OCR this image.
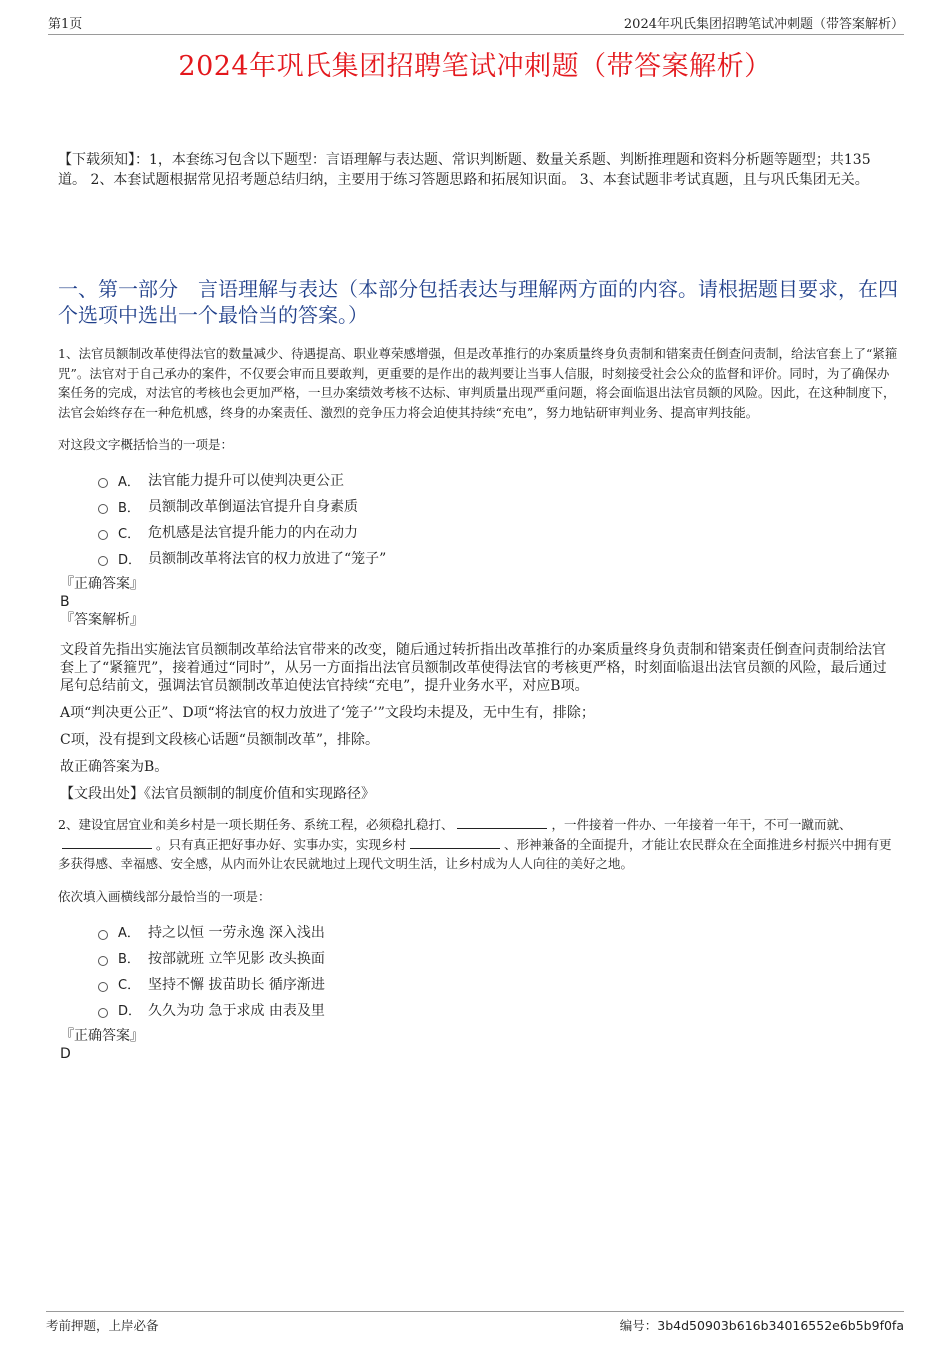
第1页	2024年巩氏集团招聘笔试冲刺题（带答案解析）
2024年巩氏集团招聘笔试冲刺题（带答案解析）

【下载须知】：1，本套练习包含以下题型：言语理解与表达题、常识判断题、数量关系题、判断推理题和资料分析题等题型；共135道。 2、本套试题根据常见招考题总结归纳，主要用于练习答题思路和拓展知识面。 3、本套试题非考试真题，且与巩氏集团无关。

一、第一部分　言语理解与表达（本部分包括表达与理解两方面的内容。请根据题目要求，在四个选项中选出一个最恰当的答案。）

1、法官员额制改革使得法官的数量减少、待遇提高、职业尊荣感增强，但是改革推行的办案质量终身负责制和错案责任倒查问责制，给法官套上了“紧箍咒”。法官对于自己承办的案件，不仅要会审而且要敢判，更重要的是作出的裁判要让当事人信服，时刻接受社会公众的监督和评价。同时，为了确保办案任务的完成，对法官的考核也会更加严格，一旦办案绩效考核不达标、审判质量出现严重问题，将会面临退出法官员额的风险。因此，在这种制度下，法官会始终存在一种危机感，终身的办案责任、激烈的竞争压力将会迫使其持续“充电”，努力地钻研审判业务、提高审判技能。

对这段文字概括恰当的一项是：

A． 法官能力提升可以使判决更公正
B． 员额制改革倒逼法官提升自身素质
C． 危机感是法官提升能力的内在动力
D． 员额制改革将法官的权力放进了“笼子”

『正确答案』

B

『答案解析』

文段首先指出实施法官员额制改革给法官带来的改变，随后通过转折指出改革推行的办案质量终身负责制和错案责任倒查问责制给法官套上了“紧箍咒”，接着通过“同时”，从另一方面指出法官员额制改革使得法官的考核更严格，时刻面临退出法官员额的风险，最后通过尾句总结前文，强调法官员额制改革迫使法官持续“充电”，提升业务水平，对应B项。

A项“判决更公正”、D项“将法官的权力放进了‘笼子’”文段均未提及，无中生有，排除；

C项，没有提到文段核心话题“员额制改革”，排除。

故正确答案为B。

【文段出处】《法官员额制的制度价值和实现路径》

2、建设宜居宜业和美乡村是一项长期任务、系统工程，必须稳扎稳打、	，一件接着一件办、一年接着一年干，不可一蹴而就、。只有真正把好事办好、实事办实，实现乡村	、形神兼备的全面提升，才能让农民群众在全面推进乡村振兴中拥有更多获得感、幸福感、安全感，从内而外让农民就地过上现代文明生活，让乡村成为人人向往的美好之地。

依次填入画横线部分最恰当的一项是：

A． 持之以恒 一劳永逸 深入浅出
B． 按部就班 立竿见影 改头换面
C． 坚持不懈 拔苗助长 循序渐进
D． 久久为功 急于求成 由表及里

『正确答案』

D

考前押题，上岸必备	编号：3b4d50903b616b34016552e6b5b9f0fa
